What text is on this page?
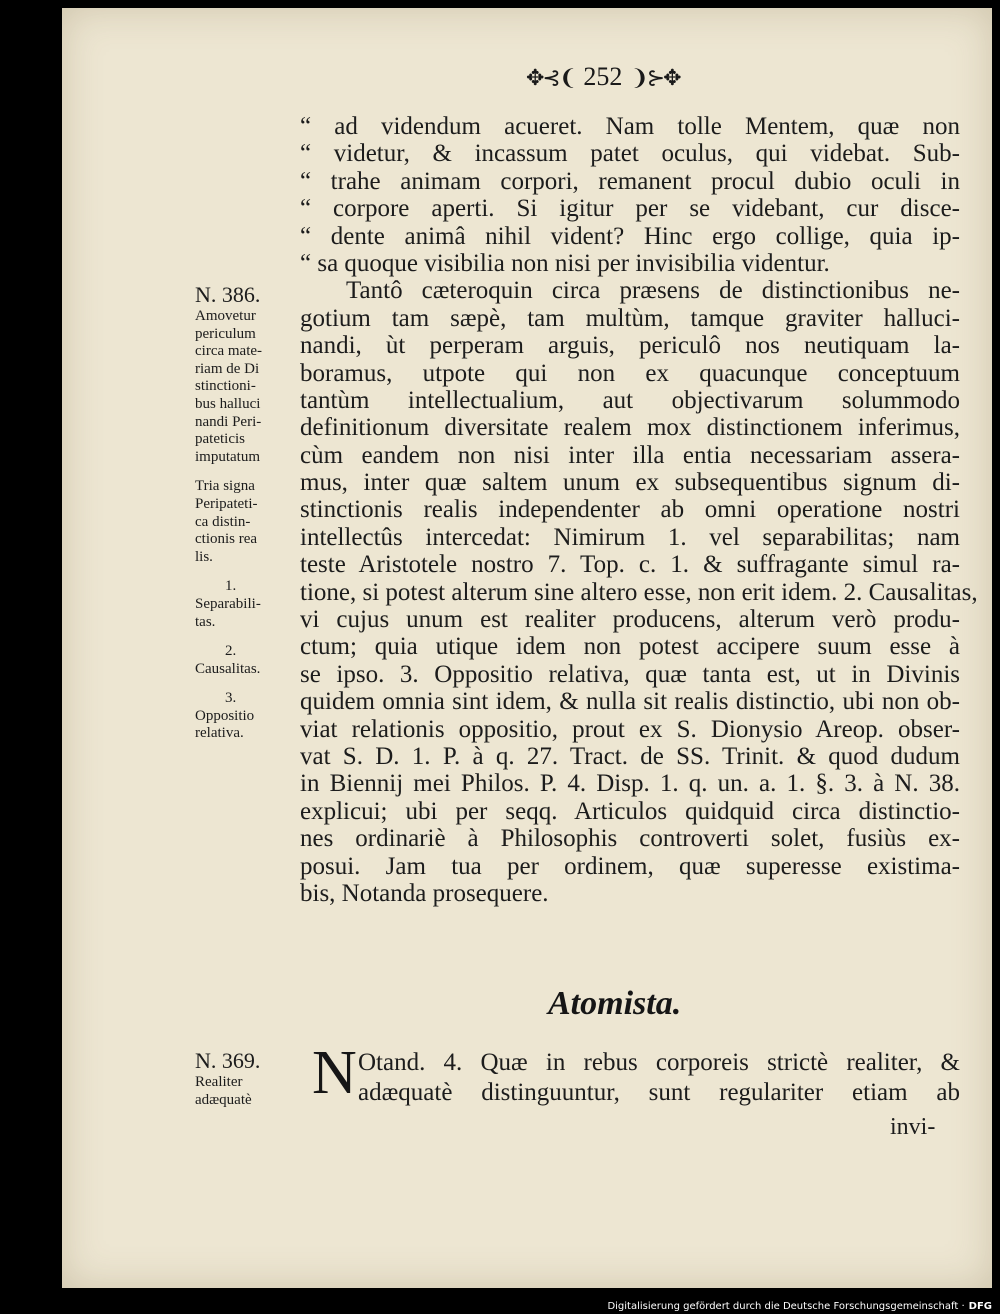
✥⊰❨ 252 ❩⊱✥
“ ad videndum acueret. Nam tolle Mentem, quæ non
“ videtur, & incassum patet oculus, qui videbat. Sub-
“ trahe animam corpori, remanent procul dubio oculi in
“ corpore aperti. Si igitur per se videbant, cur disce-
“ dente animâ nihil vident? Hinc ergo collige, quia ip-
“ sa quoque visibilia non nisi per invisibilia videntur.
Tantô cæteroquin circa præsens de distinctionibus ne-
gotium tam sæpè, tam multùm, tamque graviter halluci-
nandi, ùt perperam arguis, periculô nos neutiquam la-
boramus, utpote qui non ex quacunque conceptuum
tantùm intellectualium, aut objectivarum solummodo
definitionum diversitate realem mox distinctionem inferimus,
cùm eandem non nisi inter illa entia necessariam assera-
mus, inter quæ saltem unum ex subsequentibus signum di-
stinctionis realis independenter ab omni operatione nostri
intellectûs intercedat: Nimirum 1. vel separabilitas; nam
teste Aristotele nostro 7. Top. c. 1. & suffragante simul ra-
tione, si potest alterum sine altero esse, non erit idem. 2. Causalitas,
vi cujus unum est realiter producens, alterum verò produ-
ctum; quia utique idem non potest accipere suum esse à
se ipso. 3. Oppositio relativa, quæ tanta est, ut in Divinis
quidem omnia sint idem, & nulla sit realis distinctio, ubi non ob-
viat relationis oppositio, prout ex S. Dionysio Areop. obser-
vat S. D. 1. P. à q. 27. Tract. de SS. Trinit. & quod dudum
in Biennij mei Philos. P. 4. Disp. 1. q. un. a. 1. §. 3. à N. 38.
explicui; ubi per seqq. Articulos quidquid circa distinctio-
nes ordinariè à Philosophis controverti solet, fusiùs ex-
posui. Jam tua per ordinem, quæ superesse existima-
bis, Notanda prosequere.
N. 386.
Amovetur
periculum
circa mate-
riam de Di
stinctioni-
bus halluci
nandi Peri-
pateticis
imputatum
Tria signa
Peripateti-
ca distin-
ctionis rea
lis.
1.
Separabili-
tas.
2.
Causalitas.
3.
Oppositio
relativa.
Atomista.
N Otand. 4. Quæ in rebus corporeis strictè realiter, &
adæquatè distinguuntur, sunt regulariter etiam ab
invi-
N. 369.
Realiter
adæquatè
Digitalisierung gefördert durch die Deutsche Forschungsgemeinschaft · DFG
